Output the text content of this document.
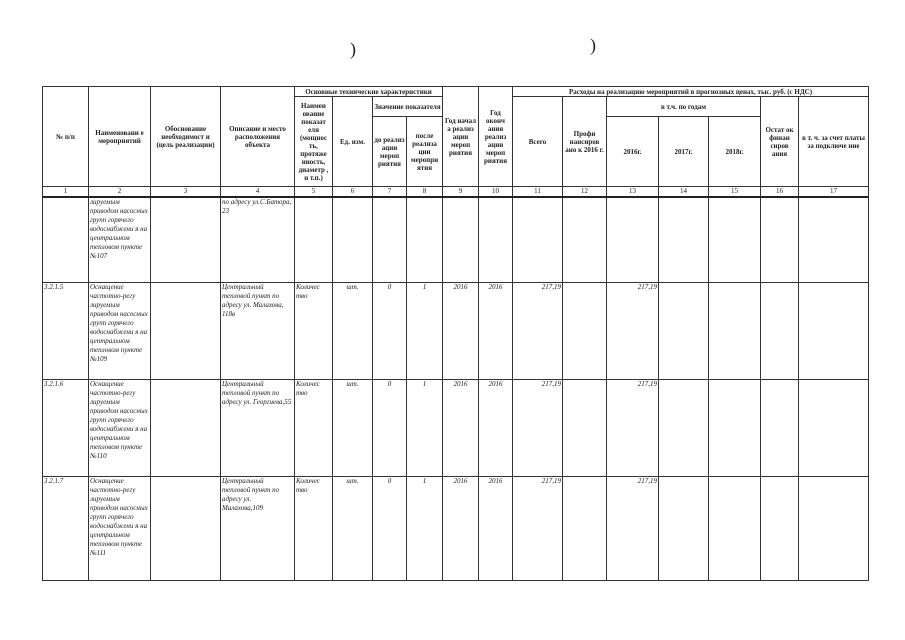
)	)
№ п/п	Наименовани е мероприятий	Обоснование необходимост и (цель реализации)	Описание и место расположения объекта	Основные технические характеристики				Год начал а реализ ации мероп риятия	Год оконч ания реализ ации мероп риятия	Расходы на реализацию мероприятий в прогнозных ценах, тыс. руб. (с НДС)						
				Наимен ование показат еля (мощнос ть, протяже нность, диаметр , и т.п.)	Ед. изм.	Значение показателя				Всего	Профи нансиров ано к 2016 г.	в т.ч. по годам			Остат ок финан сиров ания	в т. ч. за счет платы за подключе ние
						до реализ ации мероп риятия	после реализа ции меропри ятия					2016г.	2017г.	2018г.		
1	2	3	4	5	6	7	8	9	10	11	12	13	14	15	16	17
	лируемым приводом насосных групп горячего водоснабжени я на центральном тепловом пункте №107		по адресу ул.С.Батора, 23													
3.2.1.5	Оснащение частотно-регу лируемым приводом насосных групп горячего водоснабжени я на центральном тепловом пункте №109		Центральный тепловой пункт по адресу ул. Малахова, 118в	Количес тво	шт.	0	1	2016	2016	217,19		217,19				
3.2.1.6	Оснащение частотно-регу лируемым приводом насосных групп горячего водоснабжени я на центральном тепловом пункте №110		Центральный тепловой пункт по адресу ул. Георгиева,55	Количес тво	шт.	0	1	2016	2016	217,19		217,19				
3.2.1.7	Оснащение частотно-регу лируемым приводом насосных групп горячего водоснабжени я на центральном тепловом пункте №111		Центральный тепловой пункт по адресу ул. Малахова,109	Количес тво	шт.	0	1	2016	2016	217,19		217,19				
